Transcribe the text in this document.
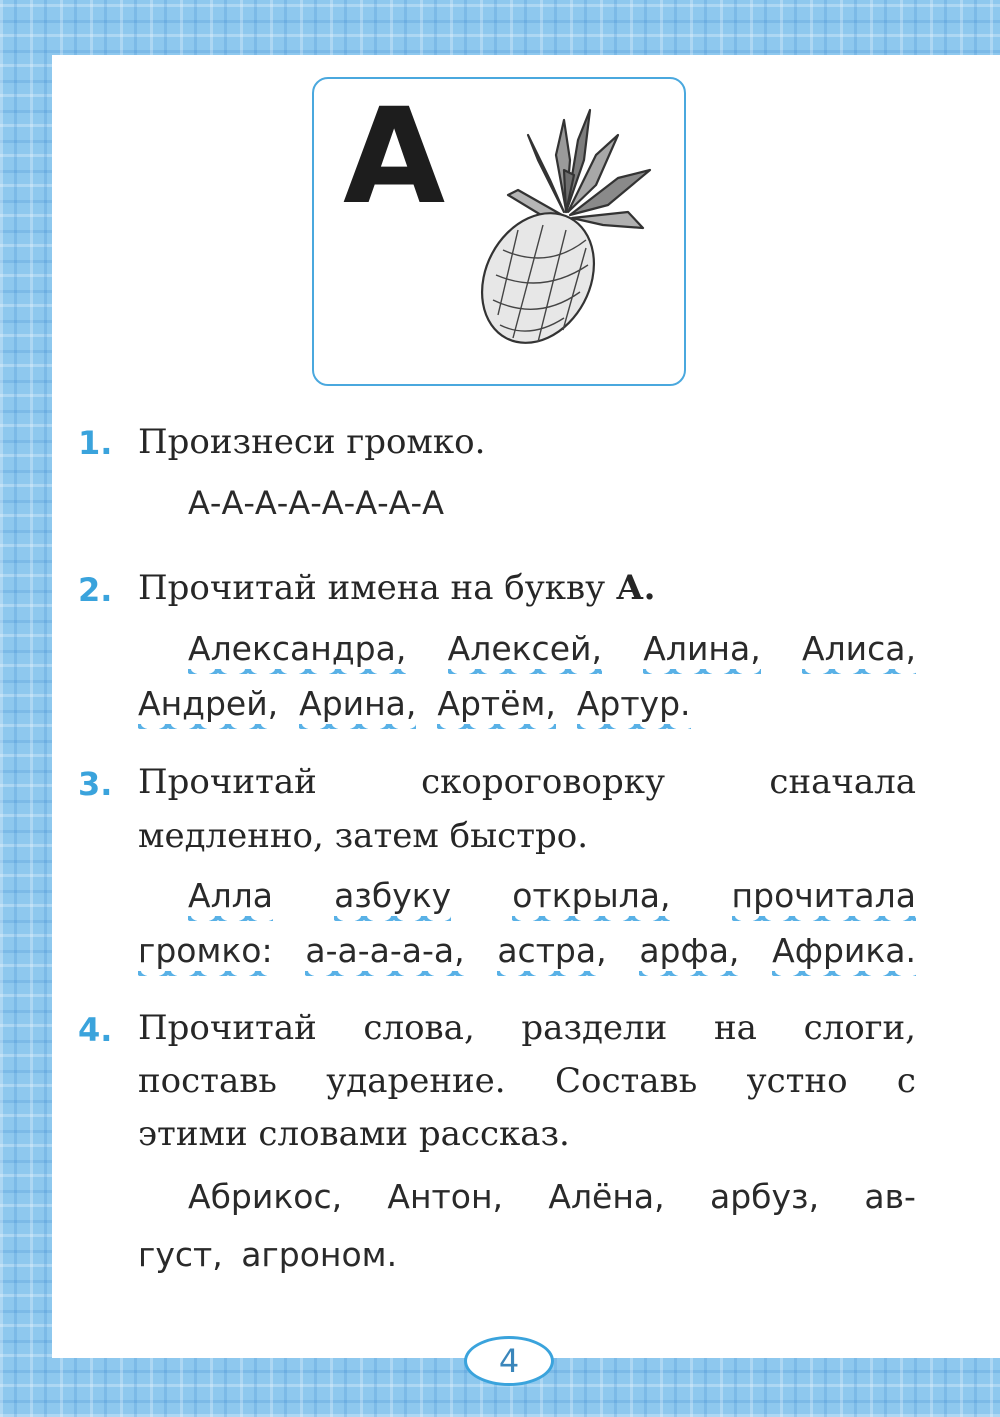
А
1. Произнеси громко.
А-А-А-А-А-А-А-А
2. Прочитай имена на букву А.
Александра, Алексей, Алина, Алиса,
Андрей, Арина, Артём, Артур.
3. Прочитай	скороговорку	сначала
медленно, затем быстро.
Алла азбуку открыла, прочитала
громко: а-а-а-а-а, астра, арфа, Африка.
4. Прочитай слова, раздели на слоги,
поставь ударение. Составь устно с
этими словами рассказ.
Абрикос, Антон, Алёна, арбуз, ав-
густ, агроном.
4
